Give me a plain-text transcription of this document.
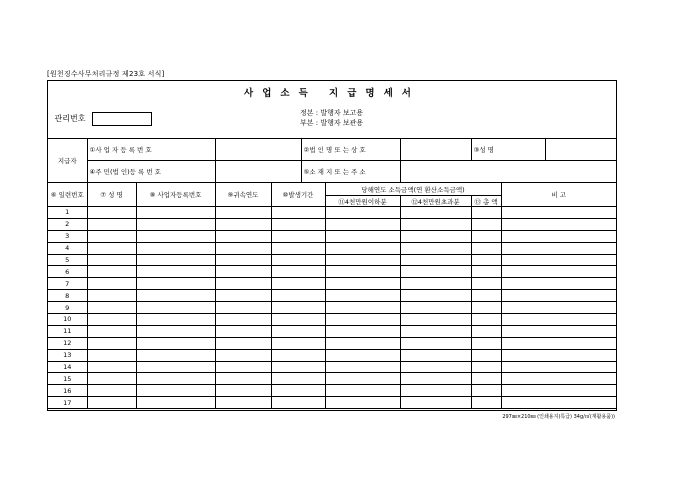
[원천징수사무처리규정 제23호 서식]
사업소득 지급명세서
관리번호
정본 : 발행자 보고용
부본 : 발행자 보관용
지급자	①사 업 자 등 록 번 호				②법 인 명 또 는 상 호			③성 명		
	④주 민(법 인)등 록 번 호				⑤소 재 지 또 는 주 소					
⑥ 일련번호	⑦ 성 명	⑧ 사업자등록번호	⑨귀속연도	⑩발생기간		당해연도 소득금액(연 환산소득금액)			비 고	
						⑪4천만원이하분	⑫4천만원초과분	⑬ 총 액		
1										
2										
3										
4										
5										
6										
7										
8										
9										
10										
11										
12										
13										
14										
15										
16										
17										
297㎜×210㎜ (인쇄용지(특급) 34g/㎡(재활용품))
